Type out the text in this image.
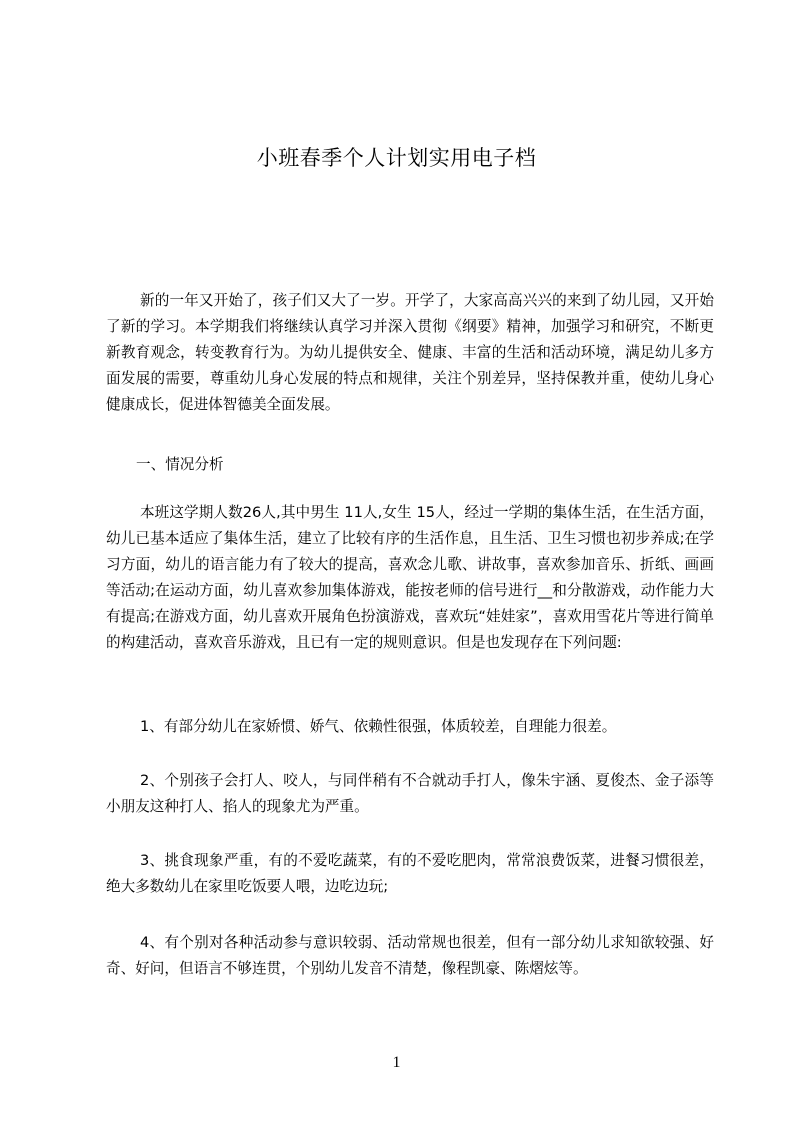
小班春季个人计划实用电子档

新的一年又开始了，孩子们又大了一岁。开学了，大家高高兴兴的来到了幼儿园，又开始了新的学习。本学期我们将继续认真学习并深入贯彻《纲要》精神，加强学习和研究，不断更新教育观念，转变教育行为。为幼儿提供安全、健康、丰富的生活和活动环境，满足幼儿多方面发展的需要，尊重幼儿身心发展的特点和规律，关注个别差异，坚持保教并重，使幼儿身心健康成长，促进体智德美全面发展。

一、情况分析

本班这学期人数26人,其中男生 11人,女生 15人，经过一学期的集体生活，在生活方面，幼儿已基本适应了集体生活，建立了比较有序的生活作息，且生活、卫生习惯也初步养成;在学习方面，幼儿的语言能力有了较大的提高，喜欢念儿歌、讲故事，喜欢参加音乐、折纸、画画等活动;在运动方面，幼儿喜欢参加集体游戏，能按老师的信号进行__和分散游戏，动作能力大有提高;在游戏方面，幼儿喜欢开展角色扮演游戏，喜欢玩“娃娃家”，喜欢用雪花片等进行简单的构建活动，喜欢音乐游戏，且已有一定的规则意识。但是也发现存在下列问题:

1、有部分幼儿在家娇惯、娇气、依赖性很强，体质较差，自理能力很差。

2、个别孩子会打人、咬人，与同伴稍有不合就动手打人，像朱宇涵、夏俊杰、金子添等小朋友这种打人、掐人的现象尤为严重。

3、挑食现象严重，有的不爱吃蔬菜，有的不爱吃肥肉，常常浪费饭菜，进餐习惯很差，绝大多数幼儿在家里吃饭要人喂，边吃边玩;

4、有个别对各种活动参与意识较弱、活动常规也很差，但有一部分幼儿求知欲较强、好奇、好问，但语言不够连贯，个别幼儿发音不清楚，像程凯豪、陈熠炫等。

1
